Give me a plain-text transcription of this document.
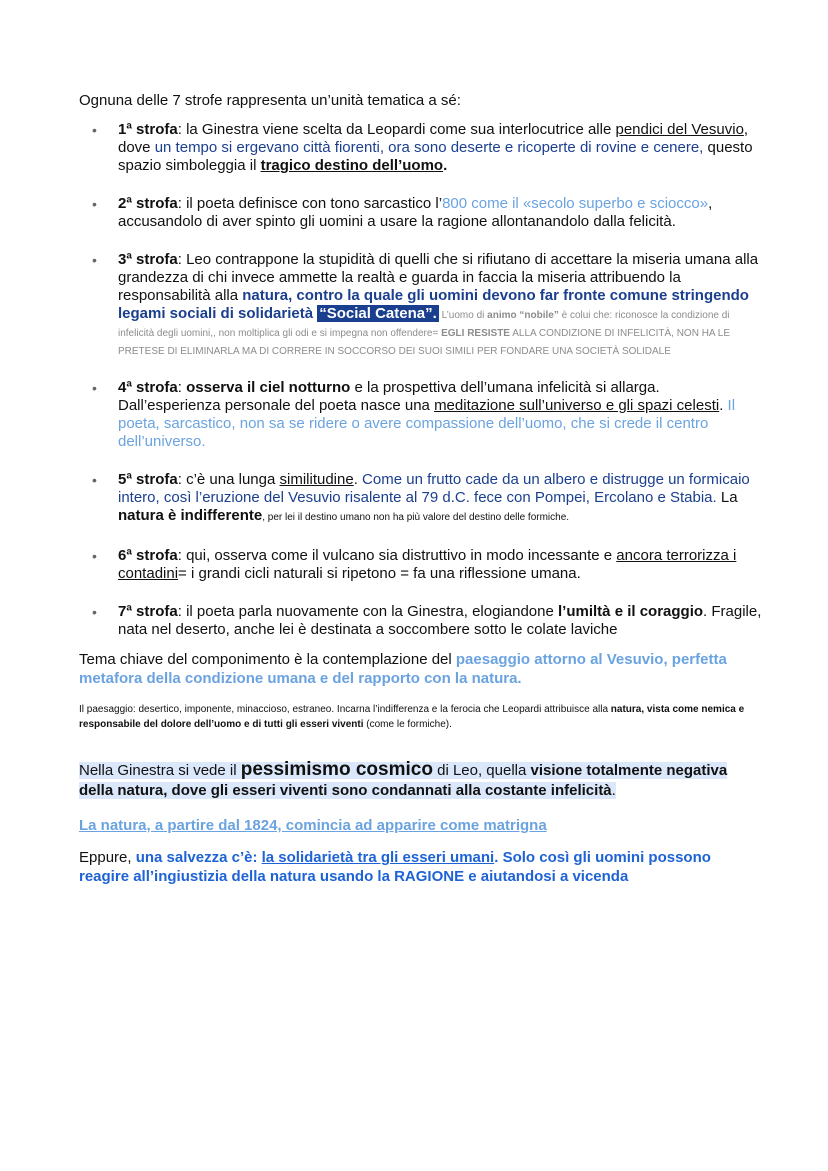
Ognuna delle 7 strofe rappresenta un’unità tematica a sé:

• 1ª strofa: la Ginestra viene scelta da Leopardi come sua interlocutrice alle pendici del Vesuvio, dove un tempo si ergevano città fiorenti, ora sono deserte e ricoperte di rovine e cenere, questo spazio simboleggia il tragico destino dell’uomo.
• 2ª strofa: il poeta definisce con tono sarcastico l’800 come il «secolo superbo e sciocco», accusandolo di aver spinto gli uomini a usare la ragione allontanandolo dalla felicità.
• 3ª strofa: Leo contrappone la stupidità di quelli che si rifiutano di accettare la miseria umana alla grandezza di chi invece ammette la realtà e guarda in faccia la miseria attribuendo la responsabilità alla natura, contro la quale gli uomini devono far fronte comune stringendo legami sociali di solidarietà “Social Catena”. L’uomo di animo “nobile” è colui che: riconosce la condizione di infelicità degli uomini,, non moltiplica gli odi e si impegna non offendere= EGLI RESISTE ALLA CONDIZIONE DI INFELICITÀ, NON HA LE PRETESE DI ELIMINARLA MA DI CORRERE IN SOCCORSO DEI SUOI SIMILI PER FONDARE UNA SOCIETÀ SOLIDALE
• 4ª strofa: osserva il ciel notturno e la prospettiva dell’umana infelicità si allarga. Dall’esperienza personale del poeta nasce una meditazione sull’universo e gli spazi celesti. Il poeta, sarcastico, non sa se ridere o avere compassione dell’uomo, che si crede il centro dell’universo.
• 5ª strofa: c’è una lunga similitudine. Come un frutto cade da un albero e distrugge un formicaio intero, così l’eruzione del Vesuvio risalente al 79 d.C. fece con Pompei, Ercolano e Stabia. La natura è indifferente, per lei il destino umano non ha più valore del destino delle formiche.
• 6ª strofa: qui, osserva come il vulcano sia distruttivo in modo incessante e ancora terrorizza i contadini= i grandi cicli naturali si ripetono = fa una riflessione umana.
• 7ª strofa: il poeta parla nuovamente con la Ginestra, elogiandone l’umiltà e il coraggio. Fragile, nata nel deserto, anche lei è destinata a soccombere sotto le colate laviche

Tema chiave del componimento è la contemplazione del paesaggio attorno al Vesuvio, perfetta metafora della condizione umana e del rapporto con la natura.

Il paesaggio: desertico, imponente, minaccioso, estraneo. Incarna l’indifferenza e la ferocia che Leopardi attribuisce alla natura, vista come nemica e responsabile del dolore dell’uomo e di tutti gli esseri viventi (come le formiche).

Nella Ginestra si vede il pessimismo cosmico di Leo, quella visione totalmente negativa della natura, dove gli esseri viventi sono condannati alla costante infelicità.

La natura, a partire dal 1824, comincia ad apparire come matrigna

Eppure, una salvezza c’è: la solidarietà tra gli esseri umani. Solo così gli uomini possono reagire all’ingiustizia della natura usando la RAGIONE e aiutandosi a vicenda
